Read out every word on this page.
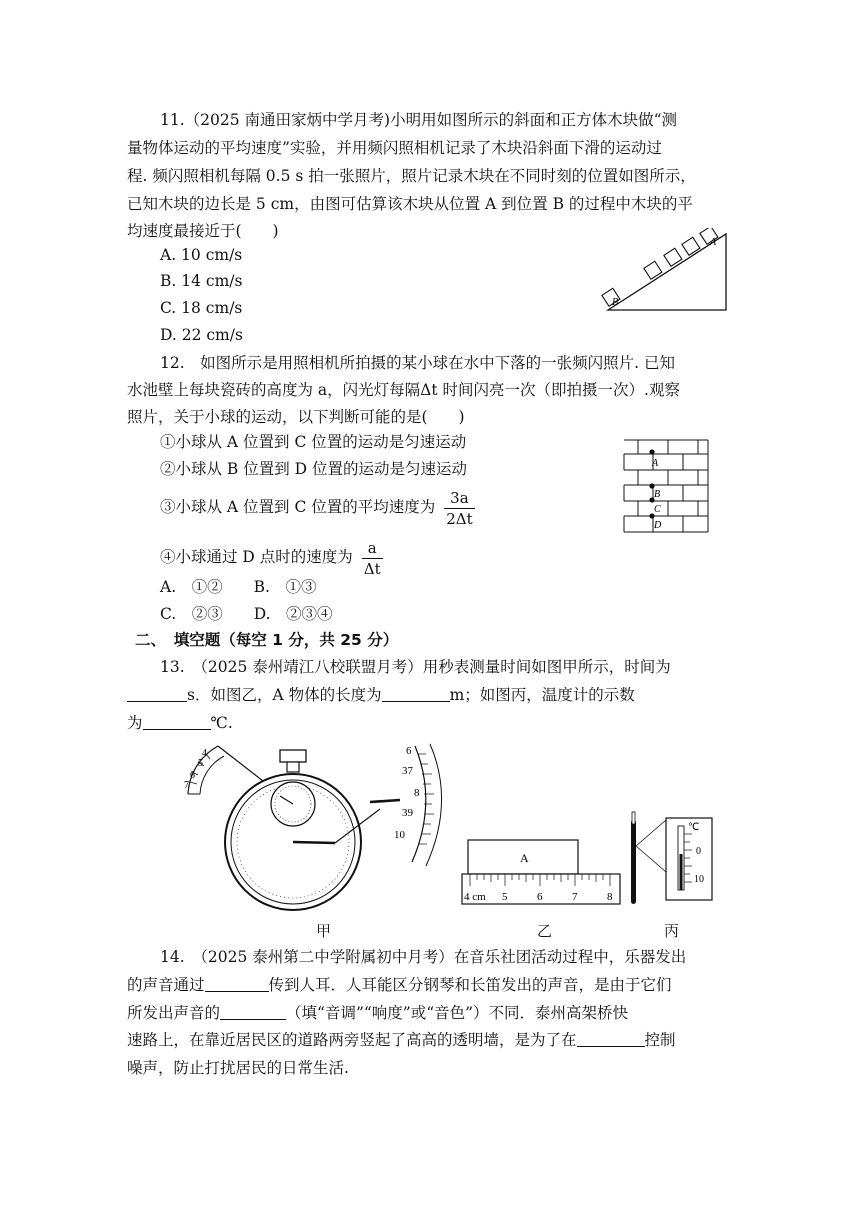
11.（2025 南通田家炳中学月考)小明用如图所示的斜面和正方体木块做“测
量物体运动的平均速度”实验，并用频闪照相机记录了木块沿斜面下滑的运动过
程. 频闪照相机每隔 0.5 s 拍一张照片，照片记录木块在不同时刻的位置如图所示，
已知木块的边长是 5 cm，由图可估算该木块从位置 A 到位置 B 的过程中木块的平
均速度最接近于(　　)
A. 10 cm/s
B. 14 cm/s
C. 18 cm/s
D. 22 cm/s
B
A
12.　如图所示是用照相机所拍摄的某小球在水中下落的一张频闪照片. 已知
水池壁上每块瓷砖的高度为 a，闪光灯每隔Δt 时间闪亮一次（即拍摄一次）.观察
照片，关于小球的运动，以下判断可能的是(　　)
①小球从 A 位置到 C 位置的运动是匀速运动
②小球从 B 位置到 D 位置的运动是匀速运动
③小球从 A 位置到 C 位置的平均速度为 $\frac{3a}{2\Delta t}$
④小球通过 D 点时的速度为 $\frac{a}{\Delta t}$
A.　①②　　B.　①③
C.　②③　　D.　②③④
A
B
C
D
二、　填空题（每空 1 分，共 25 分）
13.　（2025 泰州靖江八校联盟月考）用秒表测量时间如图甲所示，时间为
s．如图乙，A 物体的长度为	m；如图丙，温度计的示数
为	℃.
4
5
6
7
6
37
8
39
10
A
4 cm 5	6	7	8
℃
0
10
甲	乙	丙
14.　（2025 泰州第二中学附属初中月考）在音乐社团活动过程中，乐器发出
的声音通过	传到人耳．人耳能区分钢琴和长笛发出的声音，是由于它们
所发出声音的	（填“音调”“响度”或“音色”）不同．泰州高架桥快
速路上，在靠近居民区的道路两旁竖起了高高的透明墙，是为了在	控制
噪声，防止打扰居民的日常生活.
